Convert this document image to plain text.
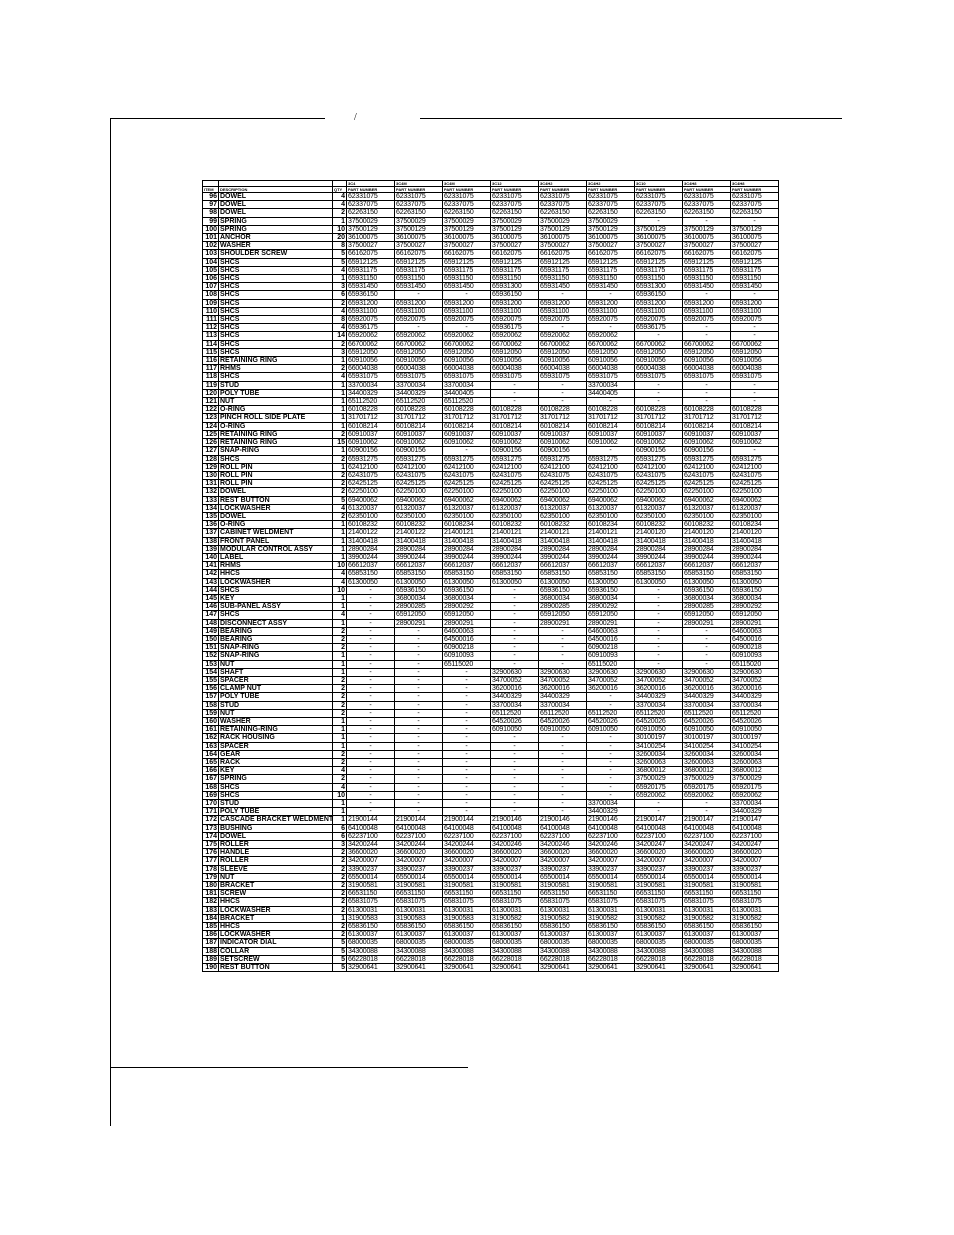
/
			3C4	3C4M	3C4M	3C12	3C4H2	3C4H2	3C10	3C4H8	3C4H8
ITEM	DESCRIPTION	QTY	PART NUMBER	PART NUMBER	PART NUMBER	PART NUMBER	PART NUMBER	PART NUMBER	PART NUMBER	PART NUMBER	PART NUMBER
96	DOWEL	4	62331075	62331075	62331075	62331075	62331075	62331075	62331075	62331075	62331075
97	DOWEL	4	62337075	62337075	62337075	62337075	62337075	62337075	62337075	62337075	62337075
98	DOWEL	2	62263150	62263150	62263150	62263150	62263150	62263150	62263150	62263150	62263150
99	SPRING	1	37500029	37500029	37500029	37500029	37500029	37500029	-	-	-
100	SPRING	10	37500129	37500129	37500129	37500129	37500129	37500129	37500129	37500129	37500129
101	ANCHOR	20	36100075	36100075	36100075	36100075	36100075	36100075	36100075	36100075	36100075
102	WASHER	8	37500027	37500027	37500027	37500027	37500027	37500027	37500027	37500027	37500027
103	SHOULDER SCREW	5	66162075	66162075	66162075	66162075	66162075	66162075	66162075	66162075	66162075
104	SHCS	5	65912125	65912125	65912125	65912125	65912125	65912125	65912125	65912125	65912125
105	SHCS	4	65931175	65931175	65931175	65931175	65931175	65931175	65931175	65931175	65931175
106	SHCS	1	65931150	65931150	65931150	65931150	65931150	65931150	65931150	65931150	65931150
107	SHCS	3	65931450	65931450	65931450	65931300	65931450	65931450	65931300	65931450	65931450
108	SHCS	6	65936150	-	-	65936150	-	-	65936150	-	-
109	SHCS	2	65931200	65931200	65931200	65931200	65931200	65931200	65931200	65931200	65931200
110	SHCS	4	65931100	65931100	65931100	65931100	65931100	65931100	65931100	65931100	65931100
111	SHCS	8	65920075	65920075	65920075	65920075	65920075	65920075	65920075	65920075	65920075
112	SHCS	4	65936175	-	-	65936175	-	-	65936175	-	-
113	SHCS	14	65920062	65920062	65920062	65920062	65920062	65920062	-	-	-
114	SHCS	2	66700062	66700062	66700062	66700062	66700062	66700062	66700062	66700062	66700062
115	SHCS	3	65912050	65912050	65912050	65912050	65912050	65912050	65912050	65912050	65912050
116	RETAINING RING	1	60910056	60910056	60910056	60910056	60910056	60910056	60910056	60910056	60910056
117	RHMS	2	66004038	66004038	66004038	66004038	66004038	66004038	66004038	66004038	66004038
118	SHCS	4	65931075	65931075	65931075	65931075	65931075	65931075	65931075	65931075	65931075
119	STUD	1	33700034	33700034	33700034	-	-	33700034	-	-	-
120	POLY TUBE	1	34400329	34400329	34400405	-	-	34400405	-	-	-
121	NUT	1	65112520	65112520	65112520	-	-	-	-	-	-
122	O-RING	1	60108228	60108228	60108228	60108228	60108228	60108228	60108228	60108228	60108228
123	PINCH ROLL SIDE PLATE	1	31701712	31701712	31701712	31701712	31701712	31701712	31701712	31701712	31701712
124	O-RING	1	60108214	60108214	60108214	60108214	60108214	60108214	60108214	60108214	60108214
125	RETAINING RING	2	60910037	60910037	60910037	60910037	60910037	60910037	60910037	60910037	60910037
126	RETAINING RING	15	60910062	60910062	60910062	60910062	60910062	60910062	60910062	60910062	60910062
127	SNAP-RING	1	60900156	60900156	-	60900156	60900156	-	60900156	60900156	-
128	SHCS	2	65931275	65931275	65931275	65931275	65931275	65931275	65931275	65931275	65931275
129	ROLL PIN	1	62412100	62412100	62412100	62412100	62412100	62412100	62412100	62412100	62412100
130	ROLL PIN	2	62431075	62431075	62431075	62431075	62431075	62431075	62431075	62431075	62431075
131	ROLL PIN	2	62425125	62425125	62425125	62425125	62425125	62425125	62425125	62425125	62425125
132	DOWEL	2	62250100	62250100	62250100	62250100	62250100	62250100	62250100	62250100	62250100
133	REST BUTTON	5	69400062	69400062	69400062	69400062	69400062	69400062	69400062	69400062	69400062
134	LOCKWASHER	4	61320037	61320037	61320037	61320037	61320037	61320037	61320037	61320037	61320037
135	DOWEL	2	62350100	62350100	62350100	62350100	62350100	62350100	62350100	62350100	62350100
136	O-RING	1	60108232	60108232	60108234	60108232	60108232	60108234	60108232	60108232	60108234
137	CABINET WELDMENT	1	21400122	21400122	21400121	21400121	21400121	21400121	21400120	21400120	21400120
138	FRONT PANEL	1	31400418	31400418	31400418	31400418	31400418	31400418	31400418	31400418	31400418
139	MODULAR CONTROL ASSY	1	28900284	28900284	28900284	28900284	28900284	28900284	28900284	28900284	28900284
140	LABEL	1	39900244	39900244	39900244	39900244	39900244	39900244	39900244	39900244	39900244
141	RHMS	10	66612037	66612037	66612037	66612037	66612037	66612037	66612037	66612037	66612037
142	HHCS	4	65853150	65853150	65853150	65853150	65853150	65853150	65853150	65853150	65853150
143	LOCKWASHER	4	61300050	61300050	61300050	61300050	61300050	61300050	61300050	61300050	61300050
144	SHCS	10	-	65936150	65936150	-	65936150	65936150	-	65936150	65936150
145	KEY	1	-	36800034	36800034	-	36800034	36800034	-	36800034	36800034
146	SUB-PANEL ASSY	1	-	28900285	28900292	-	28900285	28900292	-	28900285	28900292
147	SHCS	4	-	65912050	65912050	-	65912050	65912050	-	65912050	65912050
148	DISCONNECT ASSY	1	-	28900291	28900291	-	28900291	28900291	-	28900291	28900291
149	BEARING	2	-	-	64600063	-	-	64600063	-	-	64600063
150	BEARING	2	-	-	64500016	-	-	64500016	-	-	64500016
151	SNAP-RING	2	-	-	60900218	-	-	60900218	-	-	60900218
152	SNAP-RING	1	-	-	60910093	-	-	60910093	-	-	60910093
153	NUT	1	-	-	65115020	-	-	65115020	-	-	65115020
154	SHAFT	1	-	-	-	32900630	32900630	32900630	32900630	32900630	32900630
155	SPACER	2	-	-	-	34700052	34700052	34700052	34700052	34700052	34700052
156	CLAMP NUT	2	-	-	-	36200016	36200016	36200016	36200016	36200016	36200016
157	POLY TUBE	2	-	-	-	34400329	34400329	-	34400329	34400329	34400329
158	STUD	2	-	-	-	33700034	33700034	-	33700034	33700034	33700034
159	NUT	2	-	-	-	65112520	65112520	65112520	65112520	65112520	65112520
160	WASHER	1	-	-	-	64520026	64520026	64520026	64520026	64520026	64520026
161	RETAINING-RING	1	-	-	-	60910050	60910050	60910050	60910050	60910050	60910050
162	RACK HOUSING	1	-	-	-	-	-	-	30100197	30100197	30100197
163	SPACER	1	-	-	-	-	-	-	34100254	34100254	34100254
164	GEAR	2	-	-	-	-	-	-	32600034	32600034	32600034
165	RACK	2	-	-	-	-	-	-	32600063	32600063	32600063
166	KEY	4	-	-	-	-	-	-	36800012	36800012	36800012
167	SPRING	2	-	-	-	-	-	-	37500029	37500029	37500029
168	SHCS	4	-	-	-	-	-	-	65920175	65920175	65920175
169	SHCS	10	-	-	-	-	-	-	65920062	65920062	65920062
170	STUD	1	-	-	-	-	-	33700034	-	-	33700034
171	POLY TUBE	1	-	-	-	-	-	34400329	-	-	34400329
172	CASCADE BRACKET WELDMENT	1	21900144	21900144	21900144	21900146	21900146	21900146	21900147	21900147	21900147
173	BUSHING	6	64100048	64100048	64100048	64100048	64100048	64100048	64100048	64100048	64100048
174	DOWEL	6	62237100	62237100	62237100	62237100	62237100	62237100	62237100	62237100	62237100
175	ROLLER	3	34200244	34200244	34200244	34200246	34200246	34200246	34200247	34200247	34200247
176	HANDLE	2	36600020	36600020	36600020	36600020	36600020	36600020	36600020	36600020	36600020
177	ROLLER	2	34200007	34200007	34200007	34200007	34200007	34200007	34200007	34200007	34200007
178	SLEEVE	2	33900237	33900237	33900237	33900237	33900237	33900237	33900237	33900237	33900237
179	NUT	2	65500014	65500014	65500014	65500014	65500014	65500014	65500014	65500014	65500014
180	BRACKET	2	31900581	31900581	31900581	31900581	31900581	31900581	31900581	31900581	31900581
181	SCREW	2	66531150	66531150	66531150	66531150	66531150	66531150	66531150	66531150	66531150
182	HHCS	2	65831075	65831075	65831075	65831075	65831075	65831075	65831075	65831075	65831075
183	LOCKWASHER	2	61300031	61300031	61300031	61300031	61300031	61300031	61300031	61300031	61300031
184	BRACKET	1	31900583	31900583	31900583	31900582	31900582	31900582	31900582	31900582	31900582
185	HHCS	2	65836150	65836150	65836150	65836150	65836150	65836150	65836150	65836150	65836150
186	LOCKWASHER	2	61300037	61300037	61300037	61300037	61300037	61300037	61300037	61300037	61300037
187	INDICATOR DIAL	5	68000035	68000035	68000035	68000035	68000035	68000035	68000035	68000035	68000035
188	COLLAR	5	34300088	34300088	34300088	34300088	34300088	34300088	34300088	34300088	34300088
189	SETSCREW	5	66228018	66228018	66228018	66228018	66228018	66228018	66228018	66228018	66228018
190	REST BUTTON	5	32900641	32900641	32900641	32900641	32900641	32900641	32900641	32900641	32900641
